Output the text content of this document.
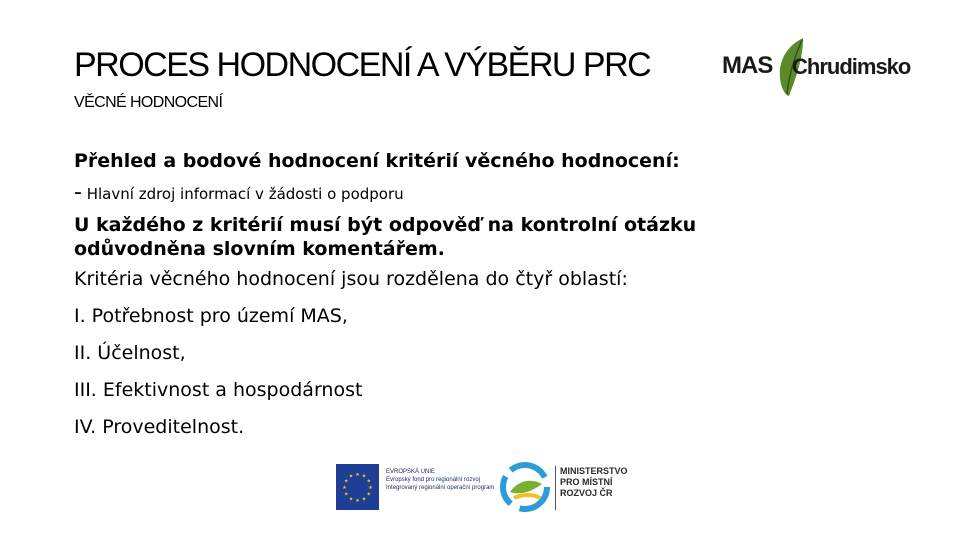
PROCES HODNOCENÍ A VÝBĚRU PRC
VĚCNÉ HODNOCENÍ
MAS Chrudimsko
Přehled a bodové hodnocení kritérií věcného hodnocení:
- Hlavní zdroj informací v žádosti o podporu
U každého z kritérií musí být odpověď na kontrolní otázku
odůvodněna slovním komentářem.
Kritéria věcného hodnocení jsou rozdělena do čtyř oblastí:
I. Potřebnost pro území MAS,
II. Účelnost,
III. Efektivnost a hospodárnost
IV. Proveditelnost.
★ ★
★
★
★
★
★
★
★
★
★
★
EVROPSKÁ UNIE
Evropský fond pro regionální rozvoj
Integrovaný regionální operační program
MINISTERSTVO
PRO MÍSTNÍ
ROZVOJ ČR
